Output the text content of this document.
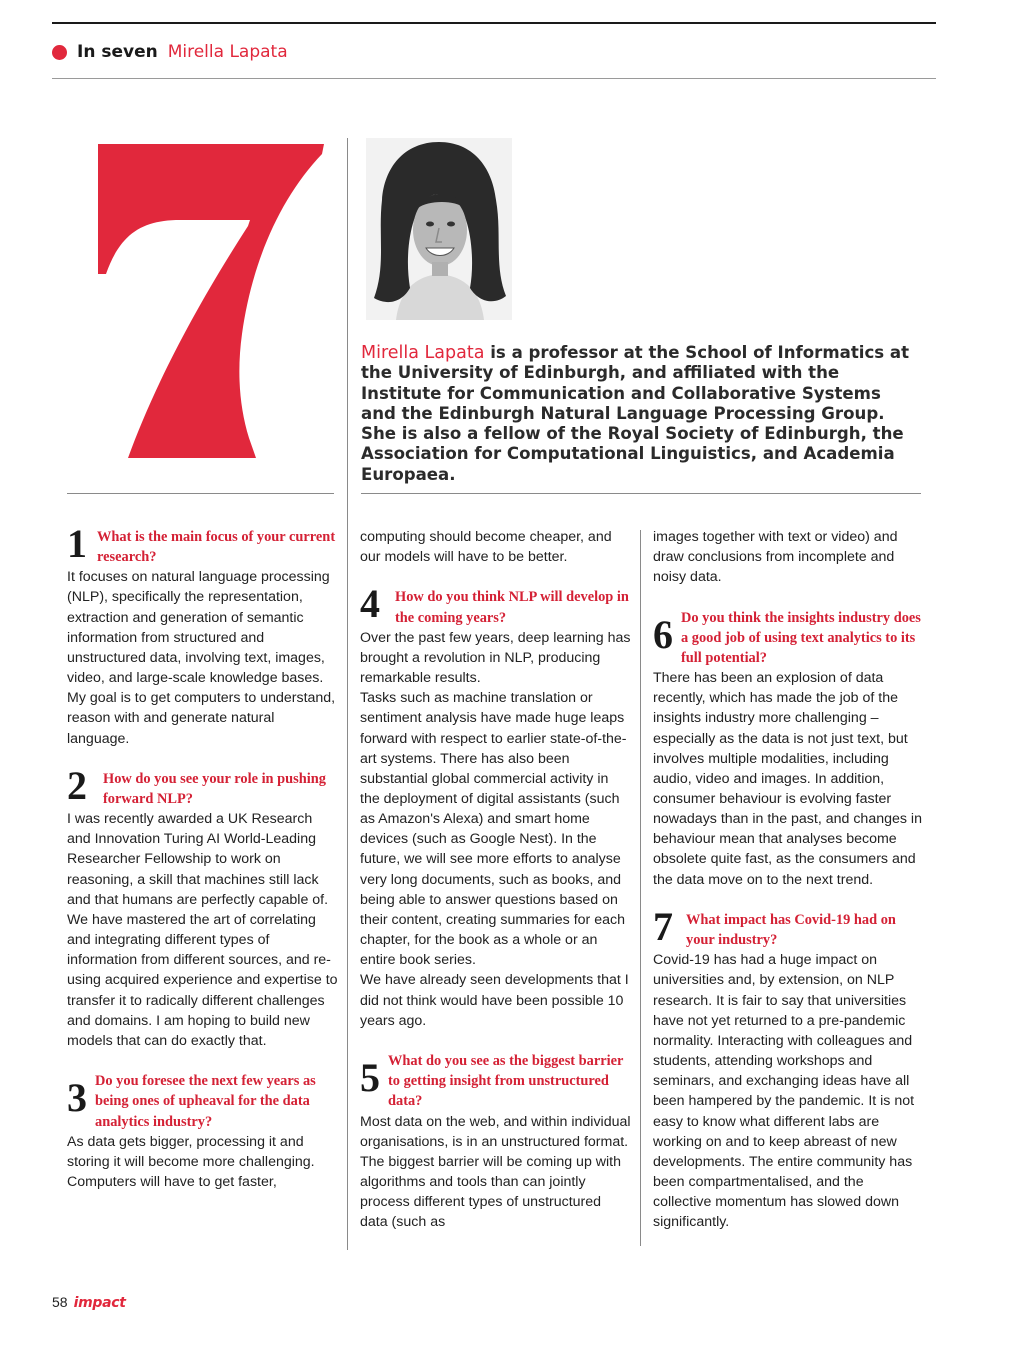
In seven Mirella Lapata
Mirella Lapata is a professor at the School of Informatics at the University of Edinburgh, and affiliated with the Institute for Communication and Collaborative Systems and the Edinburgh Natural Language Processing Group. She is also a fellow of the Royal Society of Edinburgh, the Association for Computational Linguistics, and Academia Europaea.
1 What is the main focus of your current research?

It focuses on natural language processing (NLP), specifically the representation, extraction and generation of semantic information from structured and unstructured data, involving text, images, video, and large-scale knowledge bases.
My goal is to get computers to understand, reason with and generate natural language.

2 How do you see your role in pushing forward NLP?

I was recently awarded a UK Research and Innovation Turing AI World-Leading Researcher Fellowship to work on reasoning, a skill that machines still lack and that humans are perfectly capable of. We have mastered the art of correlating and integrating different types of information from different sources, and re-using acquired experience and expertise to transfer it to radically different challenges and domains. I am hoping to build new models that can do exactly that.

3 Do you foresee the next few years as being ones of upheaval for the data analytics industry?

As data gets bigger, processing it and storing it will become more challenging. Computers will have to get faster,

computing should become cheaper, and our models will have to be better.

4 How do you think NLP will develop in the coming years?

Over the past few years, deep learning has brought a revolution in NLP, producing remarkable results.
Tasks such as machine translation or sentiment analysis have made huge leaps forward with respect to earlier state-of-the-art systems. There has also been substantial global commercial activity in the deployment of digital assistants (such as Amazon's Alexa) and smart home devices (such as Google Nest). In the future, we will see more efforts to analyse very long documents, such as books, and being able to answer questions based on their content, creating summaries for each chapter, for the book as a whole or an entire book series.
We have already seen developments that I did not think would have been possible 10 years ago.

5 What do you see as the biggest barrier to getting insight from unstructured data?

Most data on the web, and within individual organisations, is in an unstructured format. The biggest barrier will be coming up with algorithms and tools than can jointly process different types of unstructured data (such as

images together with text or video) and draw conclusions from incomplete and noisy data.

6 Do you think the insights industry does a good job of using text analytics to its full potential?

There has been an explosion of data recently, which has made the job of the insights industry more challenging – especially as the data is not just text, but involves multiple modalities, including audio, video and images. In addition, consumer behaviour is evolving faster nowadays than in the past, and changes in behaviour mean that analyses become obsolete quite fast, as the consumers and the data move on to the next trend.

7 What impact has Covid-19 had on your industry?

Covid-19 has had a huge impact on universities and, by extension, on NLP research. It is fair to say that universities have not yet returned to a pre-pandemic normality. Interacting with colleagues and students, attending workshops and seminars, and exchanging ideas have all been hampered by the pandemic. It is not easy to know what different labs are working on and to keep abreast of new developments. The entire community has been compartmentalised, and the collective momentum has slowed down significantly.

58 impact
